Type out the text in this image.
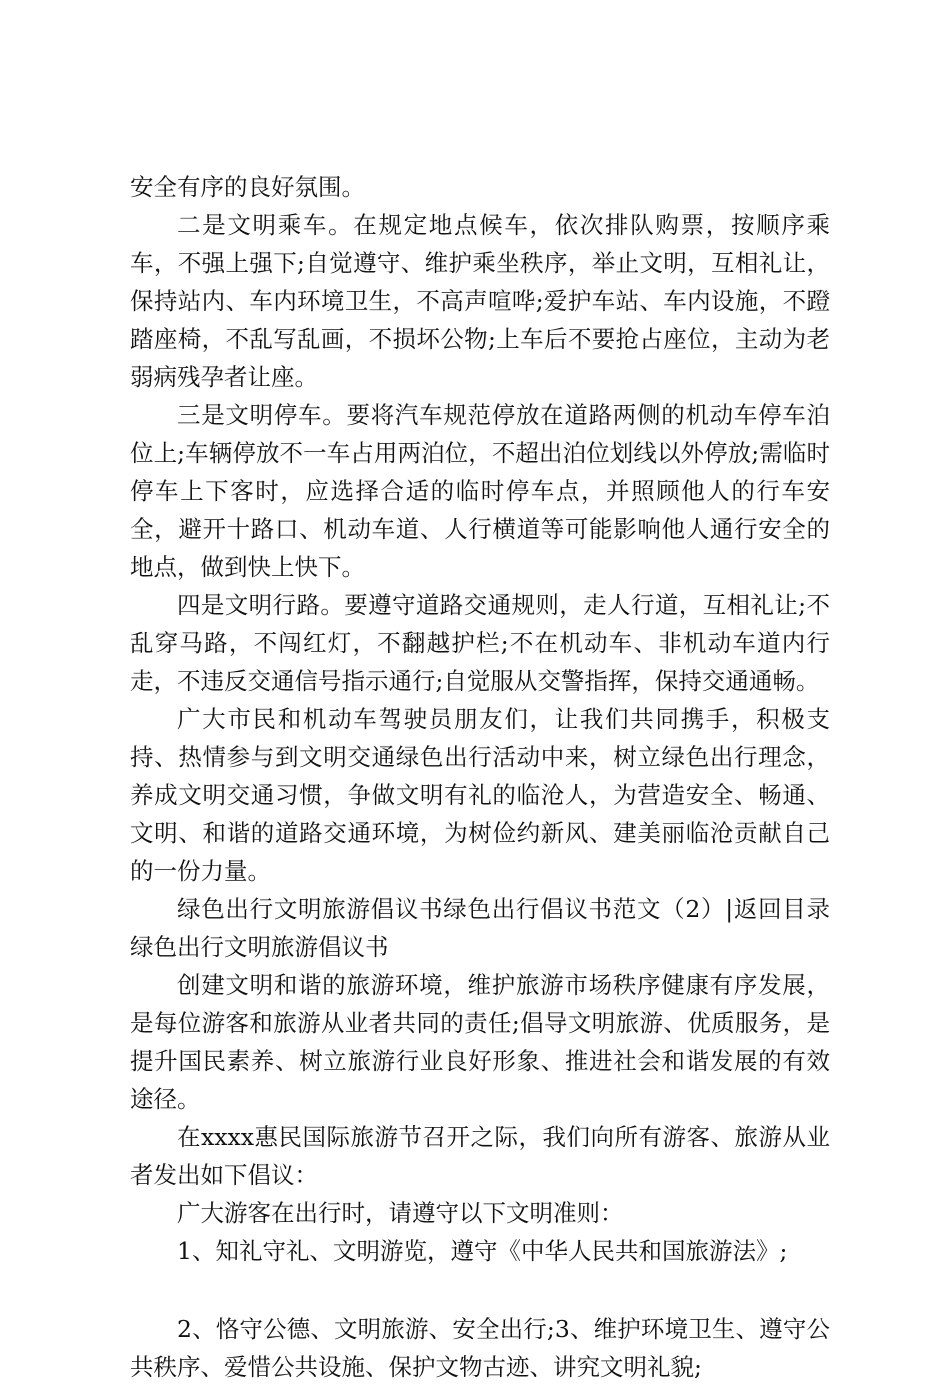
安全有序的良好氛围。

二是文明乘车。在规定地点候车，依次排队购票，按顺序乘车，不强上强下;自觉遵守、维护乘坐秩序，举止文明，互相礼让，保持站内、车内环境卫生，不高声喧哗;爱护车站、车内设施，不蹬踏座椅，不乱写乱画，不损坏公物;上车后不要抢占座位，主动为老弱病残孕者让座。

三是文明停车。要将汽车规范停放在道路两侧的机动车停车泊位上;车辆停放不一车占用两泊位，不超出泊位划线以外停放;需临时停车上下客时，应选择合适的临时停车点，并照顾他人的行车安全，避开十路口、机动车道、人行横道等可能影响他人通行安全的地点，做到快上快下。

四是文明行路。要遵守道路交通规则，走人行道，互相礼让;不乱穿马路，不闯红灯，不翻越护栏;不在机动车、非机动车道内行走，不违反交通信号指示通行;自觉服从交警指挥，保持交通通畅。

广大市民和机动车驾驶员朋友们，让我们共同携手，积极支持、热情参与到文明交通绿色出行活动中来，树立绿色出行理念，养成文明交通习惯，争做文明有礼的临沧人，为营造安全、畅通、文明、和谐的道路交通环境，为树俭约新风、建美丽临沧贡献自己的一份力量。

绿色出行文明旅游倡议书绿色出行倡议书范文（2）|返回目录绿色出行文明旅游倡议书

创建文明和谐的旅游环境，维护旅游市场秩序健康有序发展，是每位游客和旅游从业者共同的责任;倡导文明旅游、优质服务，是提升国民素养、树立旅游行业良好形象、推进社会和谐发展的有效途径。

在xxxx惠民国际旅游节召开之际，我们向所有游客、旅游从业者发出如下倡议：

广大游客在出行时，请遵守以下文明准则：

1、知礼守礼、文明游览，遵守《中华人民共和国旅游法》;

2、恪守公德、文明旅游、安全出行;3、维护环境卫生、遵守公共秩序、爱惜公共设施、保护文物古迹、讲究文明礼貌;
